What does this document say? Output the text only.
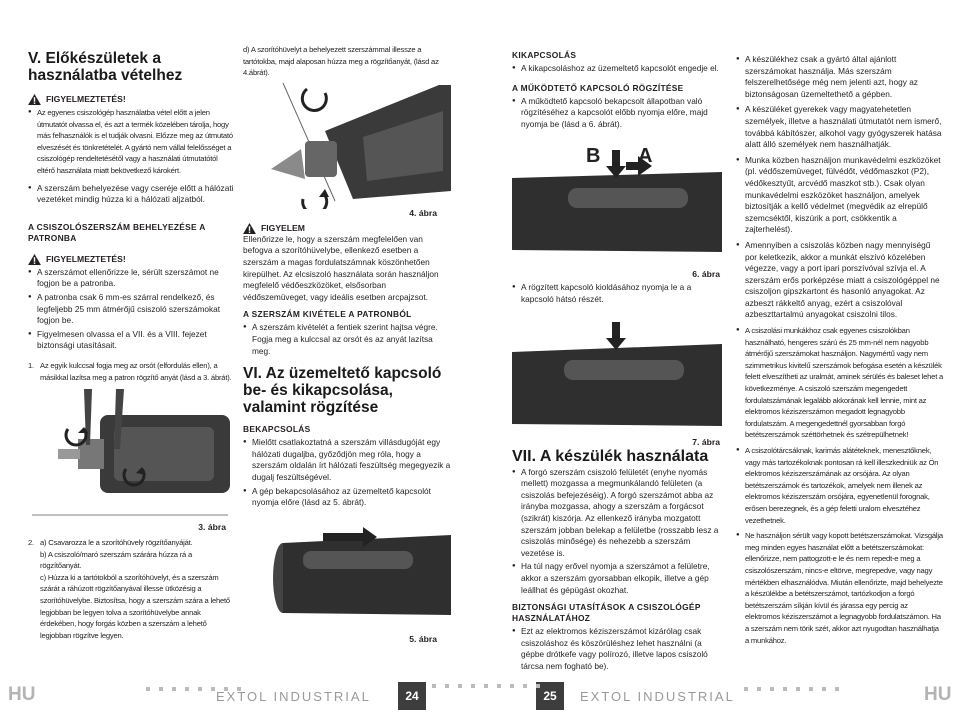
V. Előkészületek a használatba vételhez
FIGYELMEZTETÉS!
● Az egyenes csiszológép használatba vétel előtt a jelen útmutatót olvassa el, és azt a termék közelében tárolja, hogy más felhasználók is el tudják olvasni. Előzze meg az útmutató elveszését és tönkretételét. A gyártó nem vállal felelősséget a csiszológép rendeltetésétől vagy a használati útmutatótól eltérő használata miatt bekövetkező károkért.
● A szerszám behelyezése vagy cseréje előtt a hálózati vezetéket mindig húzza ki a hálózati aljzatból.
A CSISZOLÓSZERSZÁM BEHELYEZÉSE A PATRONBA
FIGYELMEZTETÉS!
● A szerszámot ellenőrizze le, sérült szerszámot ne fogjon be a patronba.
● A patronba csak 6 mm-es szárral rendelkező, és legfeljebb 25 mm átmérőjű csiszoló szerszámokat fogjon be.
● Figyelmesen olvassa el a VII. és a VIII. fejezet biztonsági utasításait.

1. Az egyik kulccsal fogja meg az orsót (elfordulás ellen), a másikkal lazítsa meg a patron rögzítő anyát (lásd a 3. ábrát).

3. ábra

2. a) Csavarozza le a szorítóhüvely rögzítőanyáját.

b) A csiszoló/maró szerszám szárára húzza rá a rögzítőanyát.

c) Húzza ki a tartótokból a szorítóhüvelyt, és a szerszám szárát a ráhúzott rögzítőanyával illesse ütközésig a szorítóhüvelybe. Biztosítsa, hogy a szerszám szára a lehető legjobban be legyen tolva a szorítóhüvelybe annak érdekében, hogy forgás közben a szerszám a lehető legjobban rögzítve legyen.

d) A szorítóhüvelyt a behelyezett szerszámmal illessze a tartótokba, majd alaposan húzza meg a rögzítőanyát, (lásd az 4.ábrát).

4. ábra
FIGYELEM

Ellenőrizze le, hogy a szerszám megfelelően van befogva a szorítóhüvelybe, ellenkező esetben a szerszám a magas fordulatszámnak köszönhetően kirepülhet. Az elcsiszoló használata során használjon megfelelő védőeszközöket, elsősorban védőszemüveget, vagy ideális esetben arcpajzsot.

A SZERSZÁM KIVÉTELE A PATRONBÓL
● A szerszám kivételét a fentiek szerint hajtsa végre. Fogja meg a kulccsal az orsót és az anyát lazítsa meg.
VI. Az üzemeltető kapcsoló be- és kikapcsolása, valamint rögzítése
BEKAPCSOLÁS
● Mielőtt csatlakoztatná a szerszám villásdugóját egy hálózati dugaljba, győződjön meg róla, hogy a szerszám oldalán írt hálózati feszültség megegyezik a dugalj feszültségével.
● A gép bekapcsolásához az üzemeltető kapcsolót nyomja előre (lásd az 5. ábrát).
5. ábra
KIKAPCSOLÁS
● A kikapcsoláshoz az üzemeltető kapcsolót engedje el.
A MŰKÖDTETŐ KAPCSOLÓ RÖGZÍTÉSE
● A működtető kapcsoló bekapcsolt állapotban való rögzítéséhez a kapcsolót előbb nyomja előre, majd nyomja be (lásd a 6. ábrát).
B A
6. ábra
● A rögzített kapcsoló kioldásához nyomja le a a kapcsoló hátsó részét.
7. ábra
VII. A készülék használata
● A forgó szerszám csiszoló felületét (enyhe nyomás mellett) mozgassa a megmunkálandó felületen (a csiszolás befejezéséig). A forgó szerszámot abba az irányba mozgassa, ahogy a szerszám a forgácsot (szikrát) kiszórja. Az ellenkező irányba mozgatott szerszám jobban belekap a felületbe (rosszabb lesz a csiszolás minősége) és nehezebb a szerszám vezetése is.
● Ha túl nagy erővel nyomja a szerszámot a felületre, akkor a szerszám gyorsabban elkopik, illetve a gép leállhat és gépügást okozhat.
BIZTONSÁGI UTASÍTÁSOK A CSISZOLÓGÉP HASZNÁLATÁHOZ
● Ezt az elektromos kéziszerszámot kizárólag csak csiszoláshoz és köszörüléshez lehet használni (a gépbe drótkefe vagy polírozó, illetve lapos csiszoló tárcsa nem fogható be).
● A készülékhez csak a gyártó által ajánlott szerszámokat használja. Más szerszám felszerelhetősége még nem jelenti azt, hogy az biztonságosan üzemeltethető a gépben.
● A készüléket gyerekek vagy magyatehetetlen személyek, illetve a használati útmutatót nem ismerő, továbbá kábítószer, alkohol vagy gyógyszerek hatása alatt álló személyek nem használhatják.
● Munka közben használjon munkavédelmi eszközöket (pl. védőszemüveget, fülvédőt, védőmaszkot (P2), védőkesztyűt, arcvédő maszkot stb.). Csak olyan munkavédelmi eszközöket használjon, amelyek biztosítják a kellő védelmet (megvédik az elrepülő szemcséktől, kiszúrik a port, csökkentik a zajterhelést).
● Amennyiben a csiszolás közben nagy mennyiségű por keletkezik, akkor a munkát elszívó közelében végezze, vagy a port ipari porszívóval szívja el. A szerszám erős porképzése miatt a csiszológéppel ne csiszoljon gipszkartont és hasonló anyagokat. Az azbeszt rákkeltő anyag, ezért a csiszolóval azbeszttartalmú anyagokat csiszolni tilos.
● A csiszolási munkákhoz csak egyenes csiszolókban használható, hengeres szárú és 25 mm-nél nem nagyobb átmérőjű szerszámokat használjon. Nagymértű vagy nem szimmetrikus kivitelű szerszámok befogása esetén a készülék felett elveszítheti az uralmát, aminek sérülés és baleset lehet a következménye. A csiszoló szerszám megengedett fordulatszámának legalább akkorának kell lennie, mint az elektromos kéziszerszámon megadott legnagyobb fordulatszám. A megengedettnél gyorsabban forgó betétszerszámok széttörhetnek és szétrepülhetnek!
● A csiszolótárcsáknak, karimás alátéteknek, menesztőknek, vagy más tartozékoknak pontosan rá kell illeszkedniük az Ön elektromos kéziszerszámának az orsójára. Az olyan betétszerszámok és tartozékok, amelyek nem illenek az elektromos kéziszerszám orsójára, egyenetlenül forognak, erősen berezegnek, és a gép feletti uralom elvesztéhez vezethetnek.
● Ne használjon sérült vagy kopott betétszerszámokat. Vizsgálja meg minden egyes használat előtt a betétszerszámokat: ellenőrizze, nem pattogzott-e le és nem repedt-e meg a csiszolószerszám, nincs-e eltörve, megrepedve, vagy nagy mértékben elhasználódva. Miután ellenőrizte, majd behelyezte a készülékbe a betétszerszámot, tartózkodjon a forgó betétszerszám síkján kívül és járassa egy percig az elektromos kéziszerszámot a legnagyobb fordulatszámon. Ha a szerszám nem törik szét, akkor azt nyugodtan használhatja a munkához.
HU	EXTOL INDUSTRIAL	24	25	EXTOL INDUSTRIAL	HU
